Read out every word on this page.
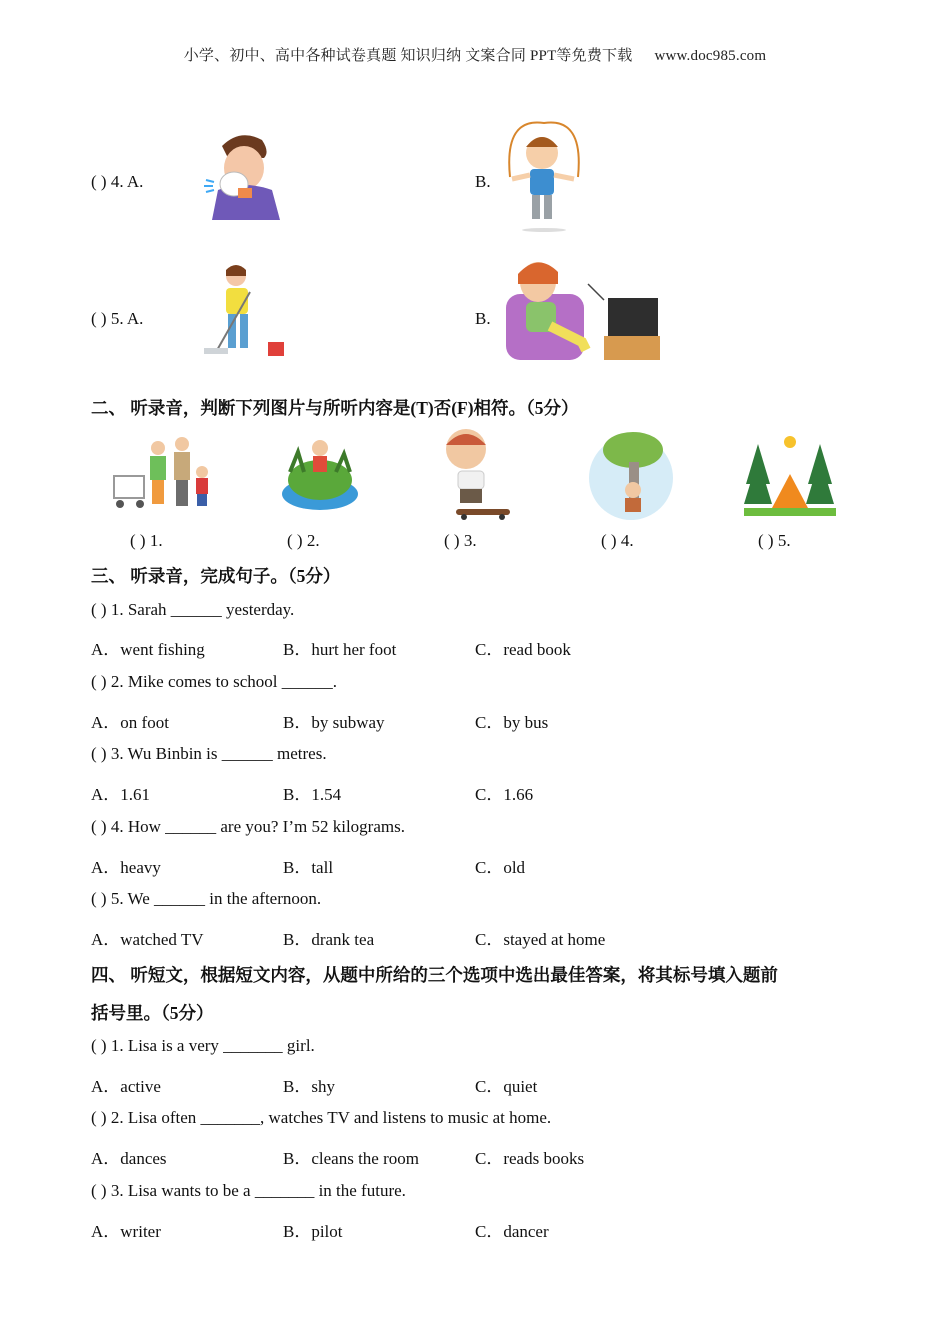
小学、初中、高中各种试卷真题 知识归纳 文案合同 PPT等免费下载 www.doc985.com
( ) 4. A.	B.
( ) 5. A.	B.
二、 听录音，判断下列图片与所听内容是(T)否(F)相符。（5分）
( ) 1.	( ) 2.	( ) 3.	( ) 4.	( ) 5.
三、 听录音，完成句子。（5分）
( ) 1. Sarah ______ yesterday.
A．went fishing	B．hurt her foot	C．read book
( ) 2. Mike comes to school ______.
A．on foot	B．by subway	C．by bus
( ) 3. Wu Binbin is ______ metres.
A．1.61	B．1.54	C．1.66
( ) 4. How ______ are you? I’m 52 kilograms.
A．heavy	B．tall	C．old
( ) 5. We ______ in the afternoon.
A．watched TV	B．drank tea	C．stayed at home
四、 听短文，根据短文内容，从题中所给的三个选项中选出最佳答案，将其标号填入题前
括号里。（5分）
( ) 1. Lisa is a very _______ girl.
A．active	B．shy	C．quiet
( ) 2. Lisa often _______, watches TV and listens to music at home.
A．dances	B．cleans the room	C．reads books
( ) 3. Lisa wants to be a _______ in the future.
A．writer	B．pilot	C．dancer
